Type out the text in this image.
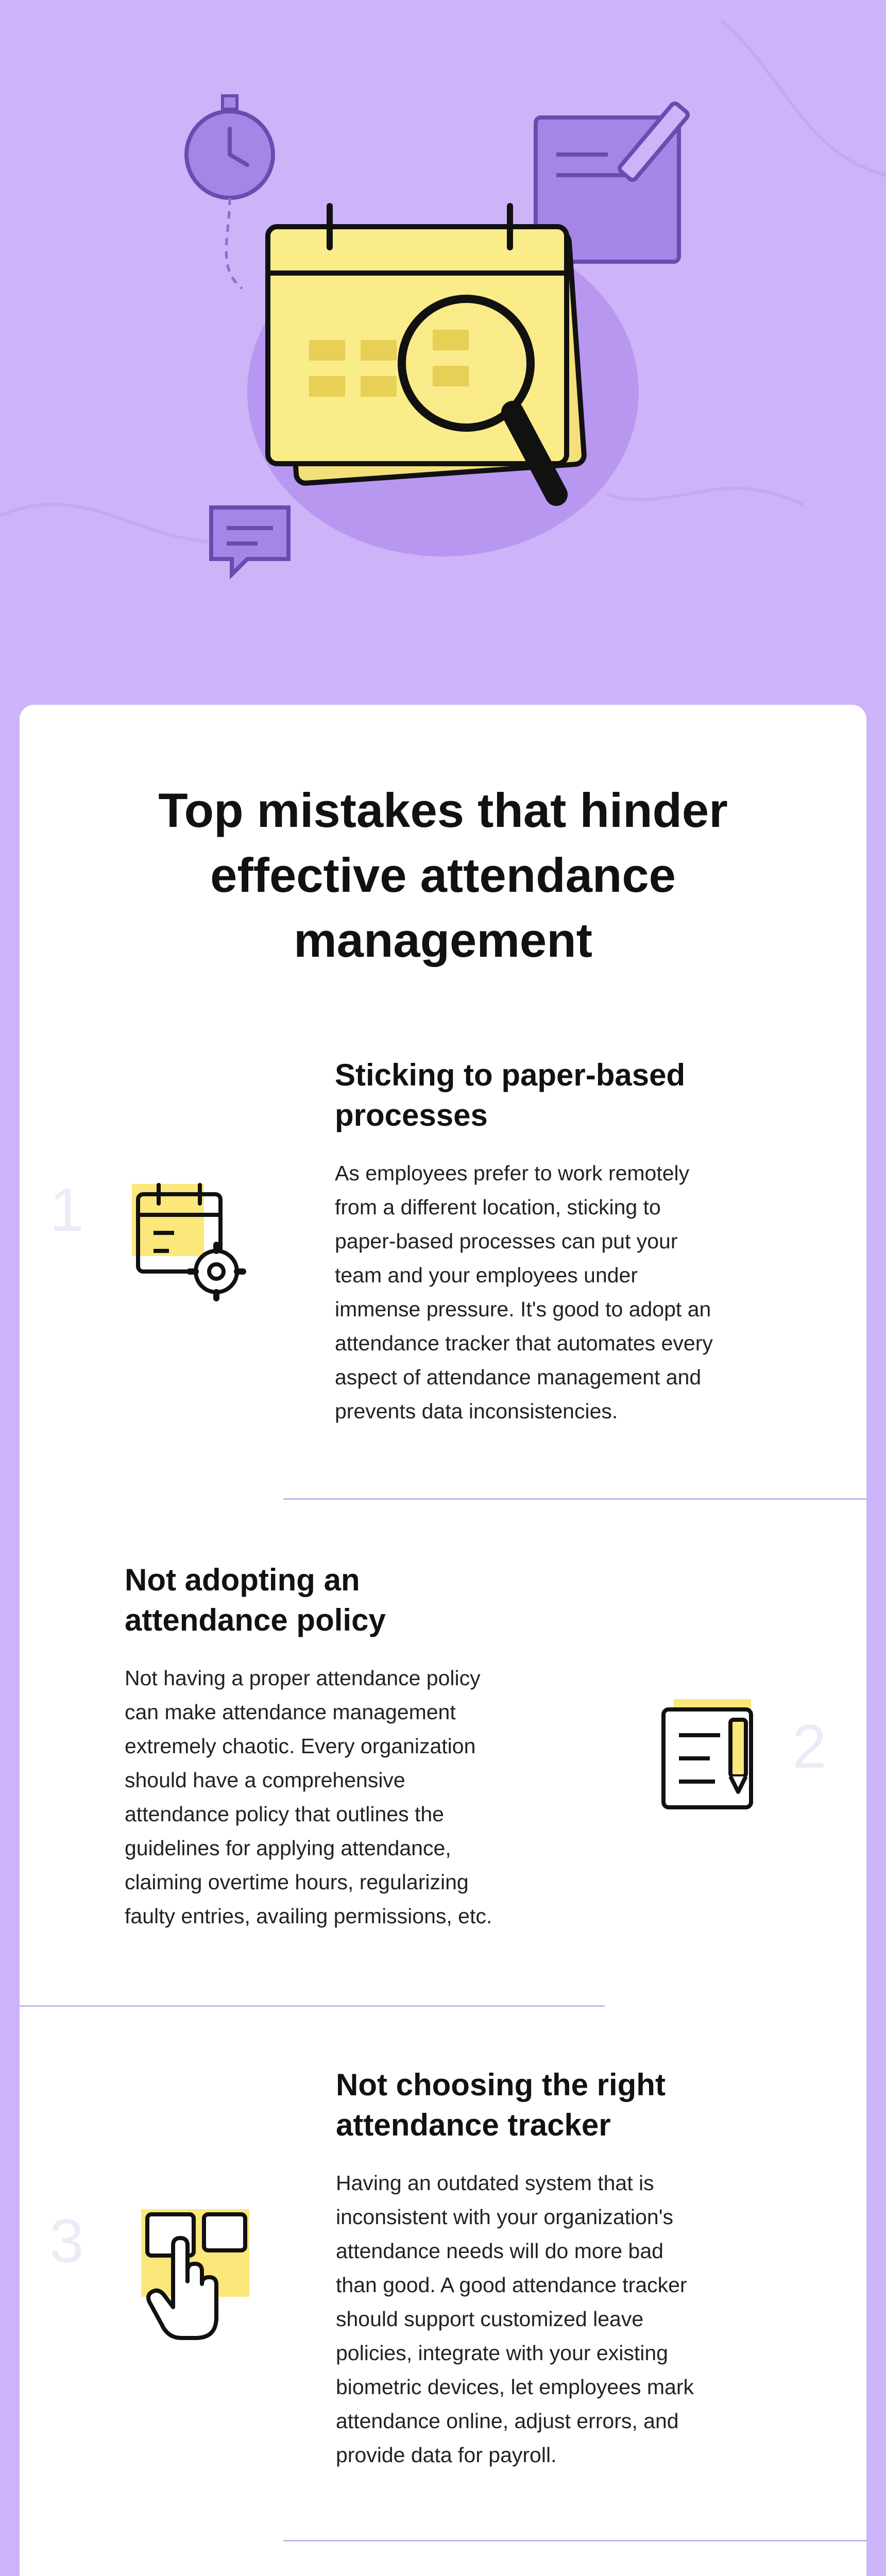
Top mistakes that hinder
effective attendance
management
1
Sticking to paper-based
processes

As employees prefer to work remotely
from a different location, sticking to
paper-based processes can put your
team and your employees under
immense pressure. It's good to adopt an
attendance tracker that automates every
aspect of attendance management and
prevents data inconsistencies.

2
Not adopting an
attendance policy

Not having a proper attendance policy
can make attendance management
extremely chaotic. Every organization
should have a comprehensive
attendance policy that outlines the
guidelines for applying attendance,
claiming overtime hours, regularizing
faulty entries, availing permissions, etc.

3
Not choosing the right
attendance tracker

Having an outdated system that is
inconsistent with your organization's
attendance needs will do more bad
than good. A good attendance tracker
should support customized leave
policies, integrate with your existing
biometric devices, let employees mark
attendance online, adjust errors, and
provide data for payroll.
